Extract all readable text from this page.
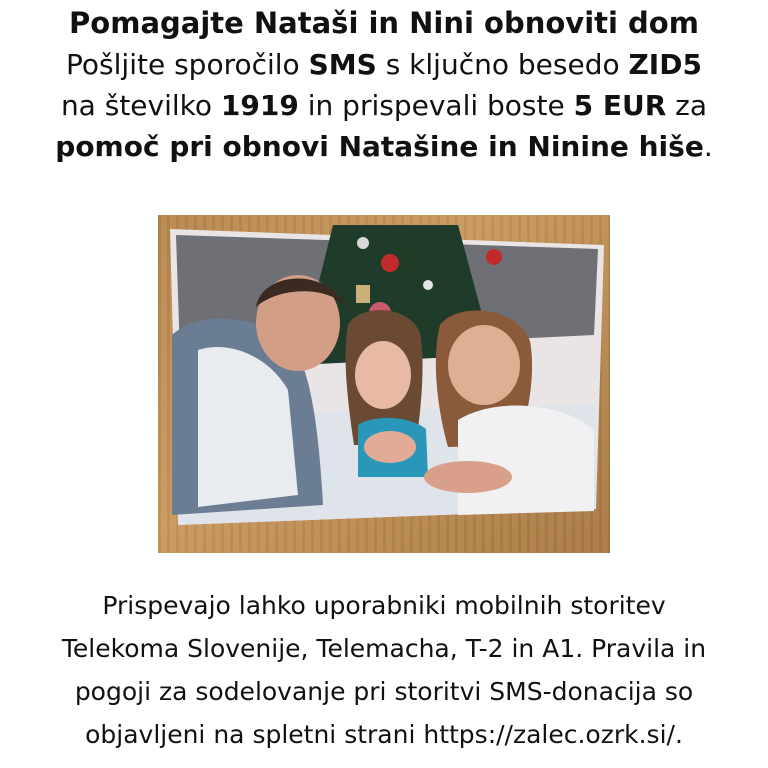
Pomagajte Nataši in Nini obnoviti dom

Pošljite sporočilo SMS s ključno besedo ZID5
na številko 1919 in prispevali boste 5 EUR za
pomoč pri obnovi Natašine in Ninine hiše.

Prispevajo lahko uporabniki mobilnih storitev
Telekoma Slovenije, Telemacha, T-2 in A1. Pravila in
pogoji za sodelovanje pri storitvi SMS-donacija so
objavljeni na spletni strani https://zalec.ozrk.si/.
